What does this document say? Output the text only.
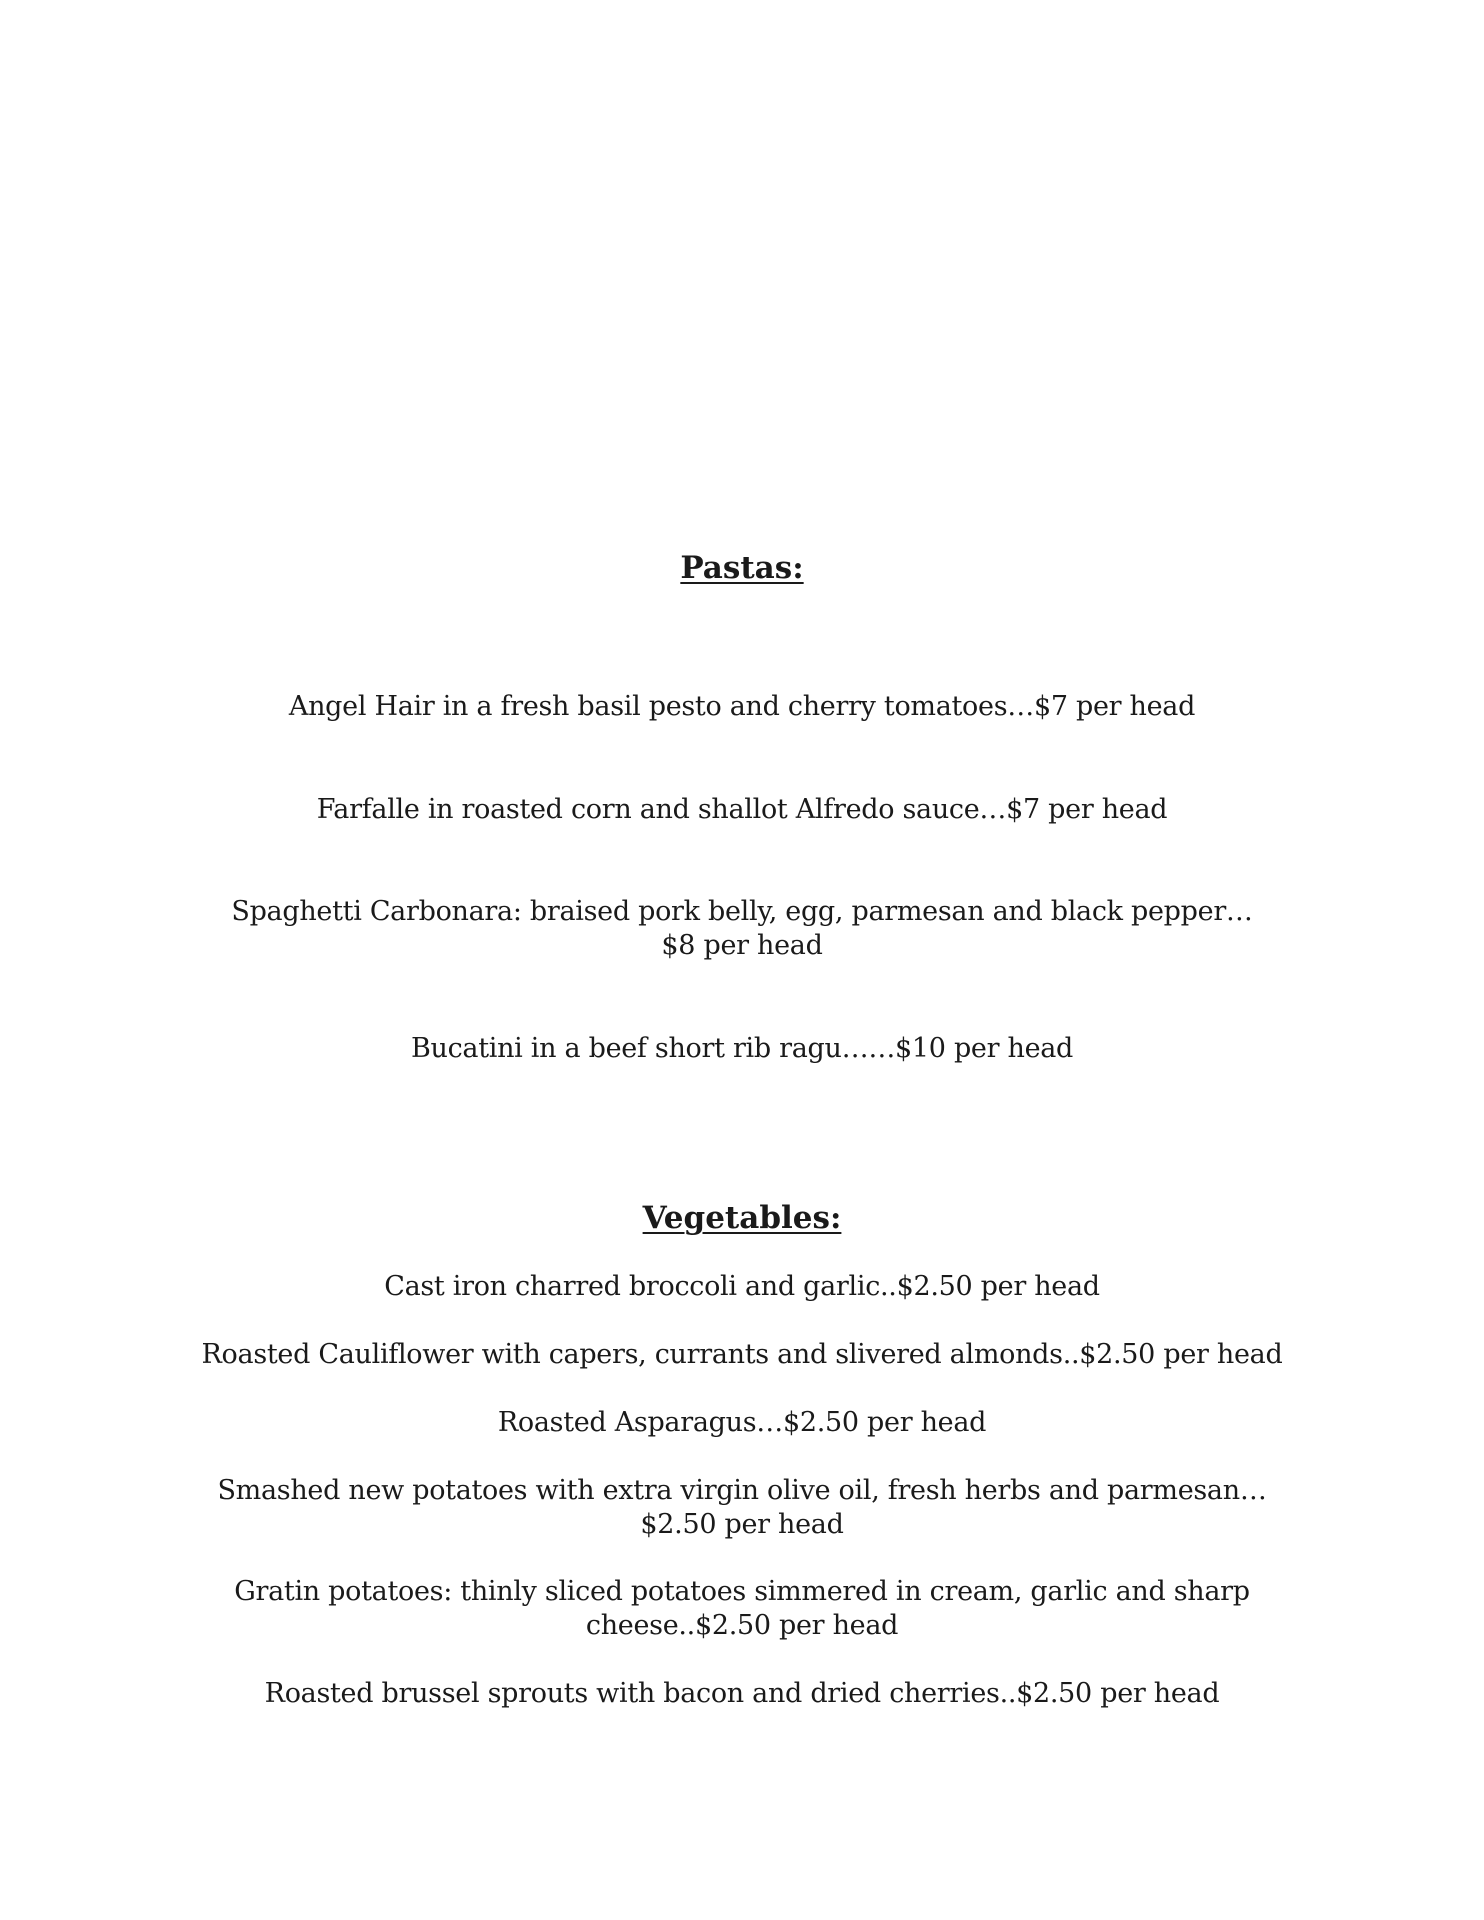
Pastas:
Angel Hair in a fresh basil pesto and cherry tomatoes…$7 per head
Farfalle in roasted corn and shallot Alfredo sauce…$7 per head
Spaghetti Carbonara: braised pork belly, egg, parmesan and black pepper…
$8 per head
Bucatini in a beef short rib ragu……$10 per head
Vegetables:
Cast iron charred broccoli and garlic..$2.50 per head
Roasted Cauliflower with capers, currants and slivered almonds..$2.50 per head
Roasted Asparagus…$2.50 per head
Smashed new potatoes with extra virgin olive oil, fresh herbs and parmesan…
$2.50 per head
Gratin potatoes: thinly sliced potatoes simmered in cream, garlic and sharp
cheese..$2.50 per head
Roasted brussel sprouts with bacon and dried cherries..$2.50 per head
